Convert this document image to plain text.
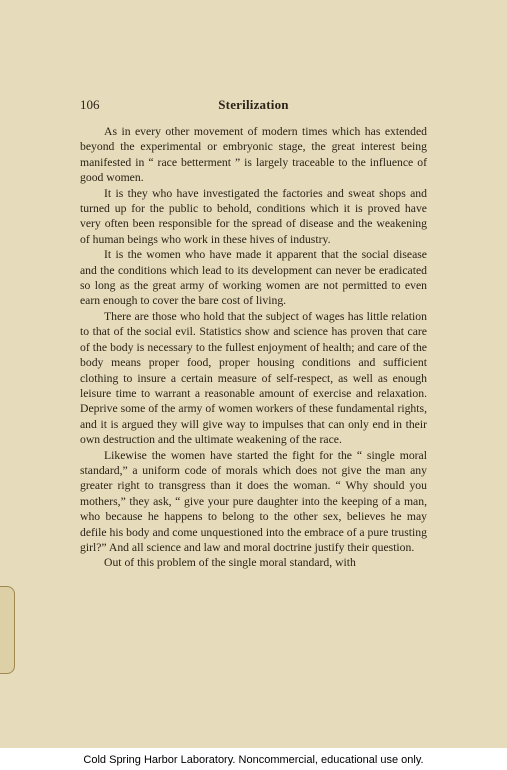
106	Sterilization

As in every other movement of modern times which has extended beyond the experimental or embryonic stage, the great interest being manifested in “ race betterment ” is largely traceable to the influence of good women.

It is they who have investigated the factories and sweat shops and turned up for the public to behold, conditions which it is proved have very often been responsible for the spread of disease and the weakening of human beings who work in these hives of industry.

It is the women who have made it apparent that the social disease and the conditions which lead to its development can never be eradicated so long as the great army of working women are not permitted to even earn enough to cover the bare cost of living.

There are those who hold that the subject of wages has little relation to that of the social evil. Statistics show and science has proven that care of the body is necessary to the fullest enjoyment of health; and care of the body means proper food, proper housing conditions and sufficient clothing to insure a certain measure of self-respect, as well as enough leisure time to warrant a reasonable amount of exercise and relaxation. Deprive some of the army of women workers of these fundamental rights, and it is argued they will give way to impulses that can only end in their own destruction and the ultimate weakening of the race.

Likewise the women have started the fight for the “ single moral standard,” a uniform code of morals which does not give the man any greater right to transgress than it does the woman. “ Why should you mothers,” they ask, “ give your pure daughter into the keeping of a man, who because he happens to belong to the other sex, believes he may defile his body and come unquestioned into the embrace of a pure trusting girl?” And all science and law and moral doctrine justify their question.

Out of this problem of the single moral standard, with

Cold Spring Harbor Laboratory. Noncommercial, educational use only.
